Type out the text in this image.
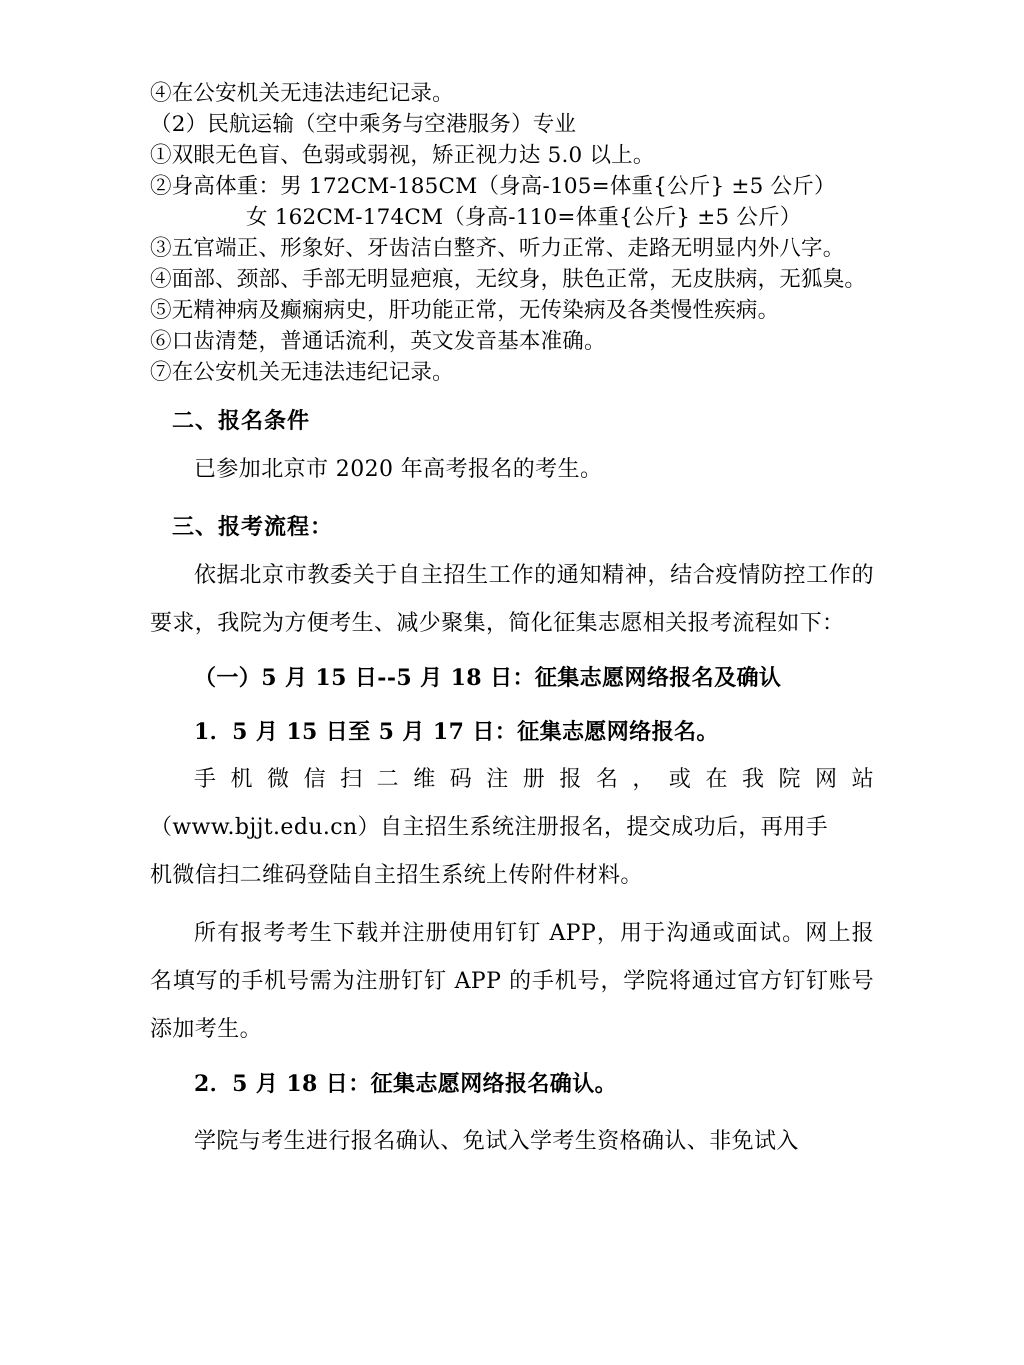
④在公安机关无违法违纪记录。
（2）民航运输（空中乘务与空港服务）专业
①双眼无色盲、色弱或弱视，矫正视力达 5.0 以上。
②身高体重：男 172CM-185CM（身高-105=体重{公斤} ±5 公斤）
女 162CM-174CM（身高-110=体重{公斤} ±5 公斤）
③五官端正、形象好、牙齿洁白整齐、听力正常、走路无明显内外八字。
④面部、颈部、手部无明显疤痕，无纹身，肤色正常，无皮肤病，无狐臭。
⑤无精神病及癫痫病史，肝功能正常，无传染病及各类慢性疾病。
⑥口齿清楚，普通话流利，英文发音基本准确。
⑦在公安机关无违法违纪记录。
二、报名条件
已参加北京市 2020 年高考报名的考生。
三、报考流程：
依据北京市教委关于自主招生工作的通知精神，结合疫情防控工作的要求，我院为方便考生、减少聚集，简化征集志愿相关报考流程如下：
（一）5 月 15 日--5 月 18 日：征集志愿网络报名及确认
1．5 月 15 日至 5 月 17 日：征集志愿网络报名。
手机微信扫二维码注册报名，或在我院网站
（www.bjjt.edu.cn）自主招生系统注册报名，提交成功后，再用手
机微信扫二维码登陆自主招生系统上传附件材料。
所有报考考生下载并注册使用钉钉 APP，用于沟通或面试。网上报名填写的手机号需为注册钉钉 APP 的手机号，学院将通过官方钉钉账号添加考生。
2．5 月 18 日：征集志愿网络报名确认。
学院与考生进行报名确认、免试入学考生资格确认、非免试入
